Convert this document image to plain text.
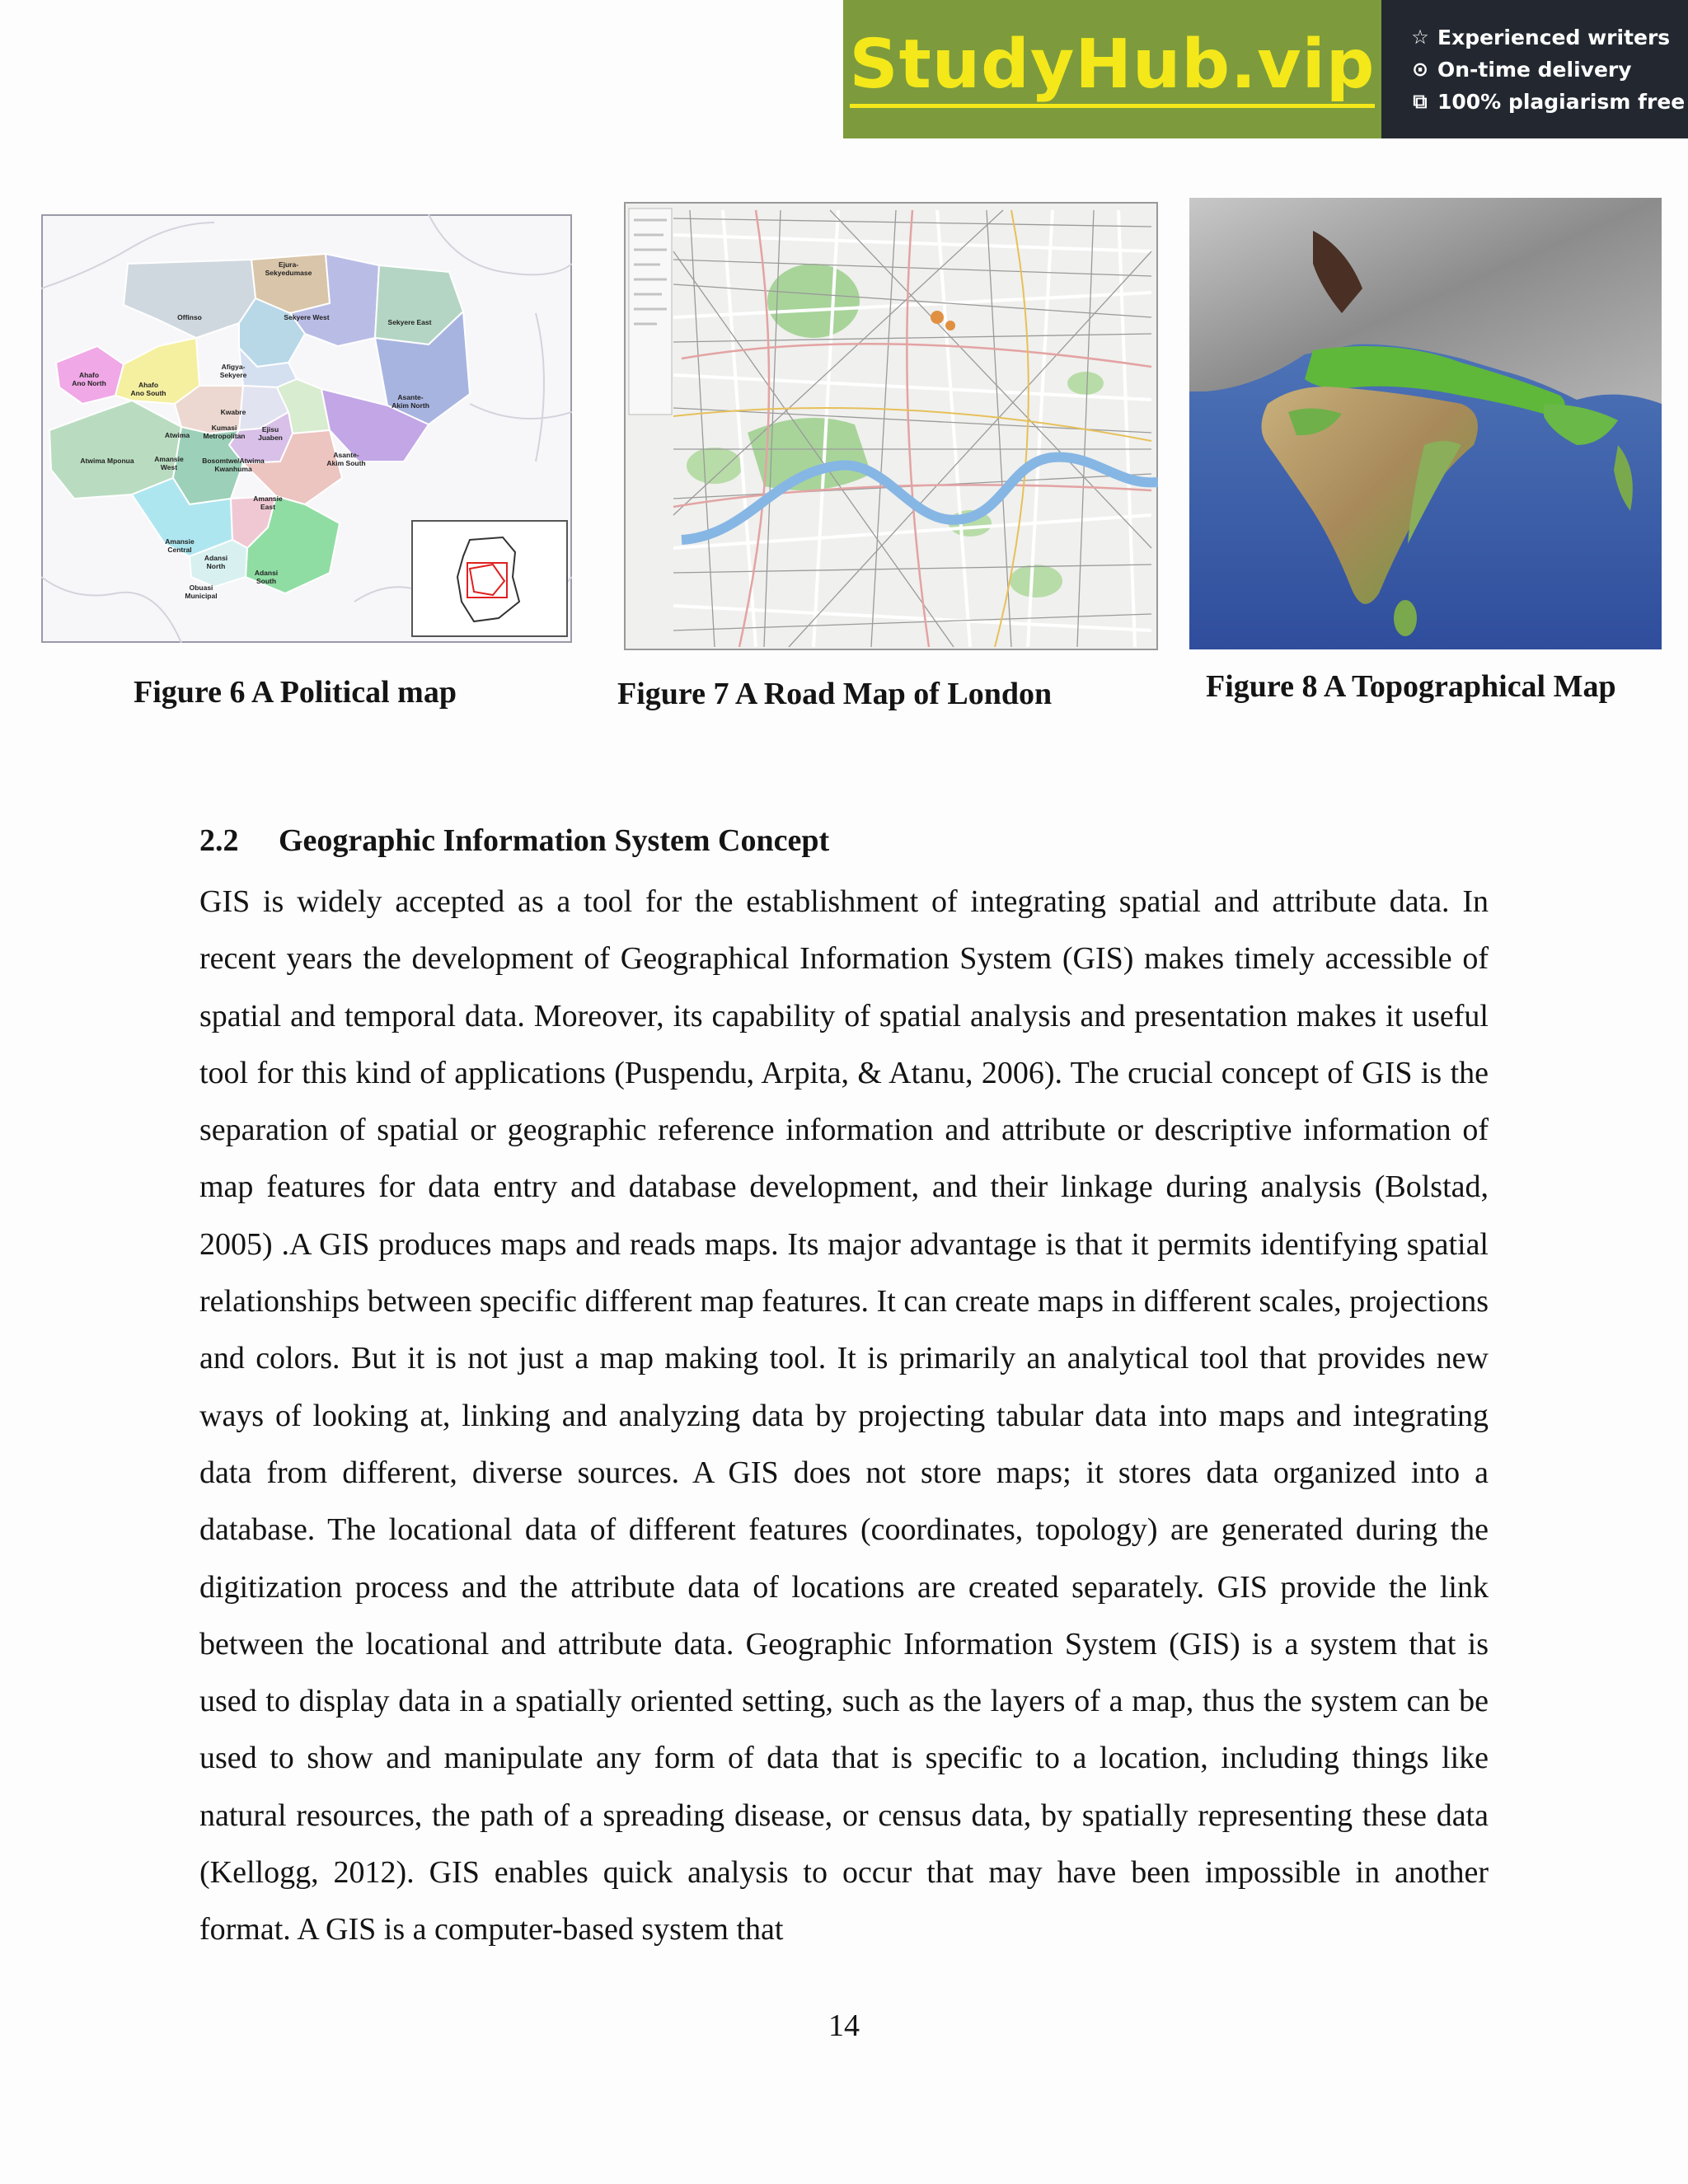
StudyHub.vip ☆ Experienced writers
⊙ On-time delivery
⧉ 100% plagiarism free
Ejura-Sekyedumase
Offinso	Sekyere West
Sekyere East
Afigya-Sekyere
Ahafo Ano North	Ahafo Ano South
Kwabre
Asante-Akim North
Atwima
Kumasi Metropolitan
Ejisu Juaben
Bosomtwe/Atwima Kwanhuma
Asante-Akim South
Atwima Mponua	Amansie West
Amansie East
Amansie Central
Adansi North
Adansi South
Obuasi Municipal
Figure 6 A Political map	Figure 7 A Road Map of London	Figure 8 A Topographical Map
2.2 Geographic Information System Concept
GIS is widely accepted as a tool for the establishment of integrating spatial and attribute data. In recent years the development of Geographical Information System (GIS) makes timely accessible of spatial and temporal data. Moreover, its capability of spatial analysis and presentation makes it useful tool for this kind of applications (Puspendu, Arpita, & Atanu, 2006). The crucial concept of GIS is the separation of spatial or geographic reference information and attribute or descriptive information of map features for data entry and database development, and their linkage during analysis (Bolstad, 2005) .A GIS produces maps and reads maps. Its major advantage is that it permits identifying spatial relationships between specific different map features. It can create maps in different scales, projections and colors. But it is not just a map making tool. It is primarily an analytical tool that provides new ways of looking at, linking and analyzing data by projecting tabular data into maps and integrating data from different, diverse sources. A GIS does not store maps; it stores data organized into a database. The locational data of different features (coordinates, topology) are generated during the digitization process and the attribute data of locations are created separately. GIS provide the link between the locational and attribute data. Geographic Information System (GIS) is a system that is used to display data in a spatially oriented setting, such as the layers of a map, thus the system can be used to show and manipulate any form of data that is specific to a location, including things like natural resources, the path of a spreading disease, or census data, by spatially representing these data (Kellogg, 2012). GIS enables quick analysis to occur that may have been impossible in another format. A GIS is a computer-based system that
14
